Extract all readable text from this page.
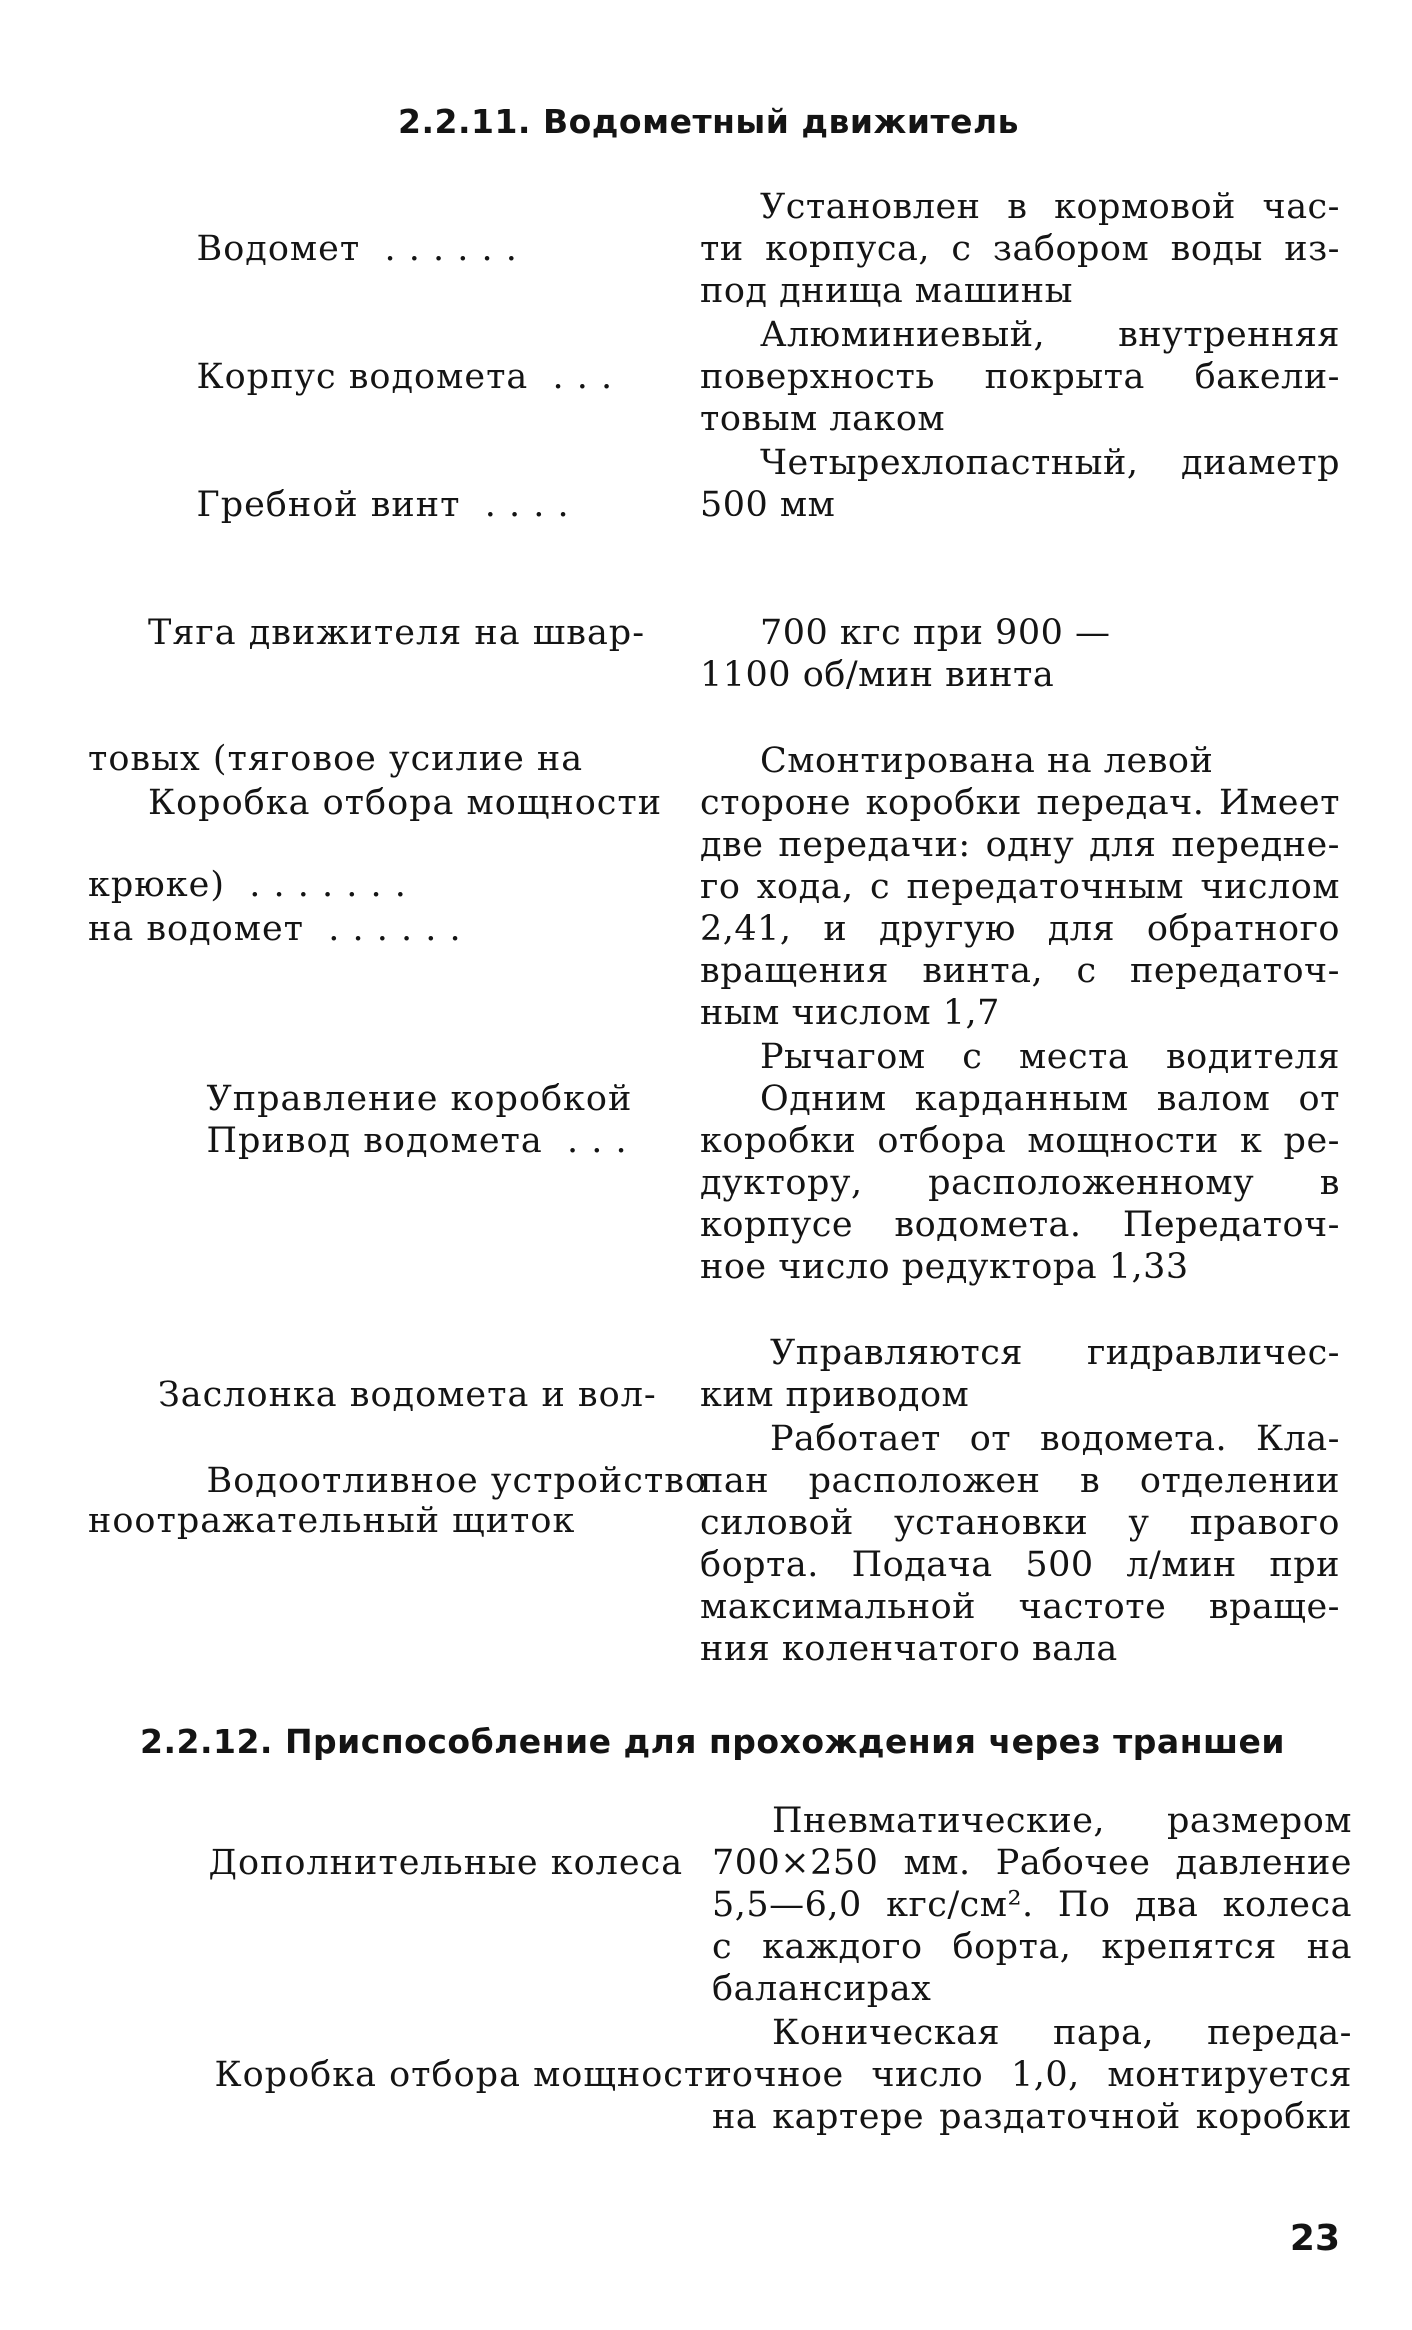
2.2.11. Водометный движитель

Водомет  . . . . . .

Установлен в кормовой час-
ти корпуса, с забором воды из-
под днища машины

Корпус водомета  . . .

Алюминиевый, внутренняя
поверхность покрыта бакели-
товым лаком

Гребной винт  . . . .

Четырехлопастный, диаметр
500 мм

Тяга движителя на швар-

товых (тяговое усилие на

крюке)  . . . . . . .

700 кгс при 900 —
1100 об/мин винта

Коробка отбора мощности

на водомет  . . . . . .

Смонтирована на левой
стороне коробки передач. Имеет
две передачи: одну для передне-
го хода, с передаточным числом
2,41, и другую для обратного
вращения винта, с передаточ-
ным числом 1,7

Управление коробкой

Рычагом с места водителя

Привод водомета  . . .

Одним карданным валом от
коробки отбора мощности к ре-
дуктору, расположенному в
корпусе водомета. Передаточ-
ное число редуктора 1,33

Заслонка водомета и вол-

ноотражательный щиток

Управляются гидравличес-
ким приводом

Водоотливное устройство

Работает от водомета. Кла-
пан расположен в отделении
силовой установки у правого
борта. Подача 500 л/мин при
максимальной частоте враще-
ния коленчатого вала
2.2.12. Приспособление для прохождения через траншеи

Дополнительные колеса

Пневматические, размером
700×250 мм. Рабочее давление
5,5—6,0 кгс/см². По два колеса
с каждого борта, крепятся на
балансирах

Коробка отбора мощности

Коническая пара, переда-
точное число 1,0, монтируется
на картере раздаточной коробки
23
